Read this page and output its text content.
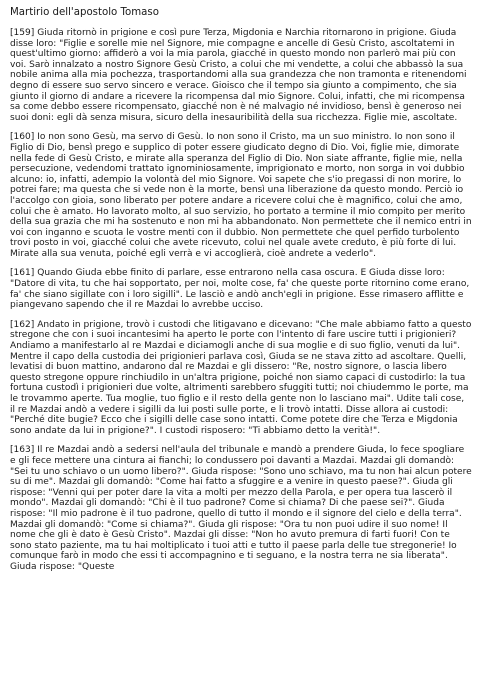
Martirio dell'apostolo Tomaso

[159] Giuda ritornò in prigione e così pure Terza, Migdonia e Narchia ritornarono in prigione. Giuda disse loro: "Figlie e sorelle mie nel Signore, mie compagne e ancelle di Gesù Cristo, ascoltatemi in quest'ultimo giorno: affiderò a voi la mia parola, giacché in questo mondo non parlerò mai più con voi. Sarò innalzato a nostro Signore Gesù Cristo, a colui che mi vendette, a colui che abbassò la sua nobile anima alla mia pochezza, trasportandomi alla sua grandezza che non tramonta e ritenendomi degno di essere suo servo sincero e verace. Gioisco che il tempo sia giunto a compimento, che sia giunto il giorno di andare a ricevere la ricompensa dal mio Signore. Colui, infatti, che mi ricompensa sa come debbo essere ricompensato, giacché non è né malvagio né invidioso, bensì è generoso nei suoi doni: egli dà senza misura, sicuro della inesauribilità della sua ricchezza. Figlie mie, ascoltate.

[160] Io non sono Gesù, ma servo di Gesù. Io non sono il Cristo, ma un suo ministro. Io non sono il Figlio di Dio, bensì prego e supplico di poter essere giudicato degno di Dio. Voi, figlie mie, dimorate nella fede di Gesù Cristo, e mirate alla speranza del Figlio di Dio. Non siate affrante, figlie mie, nella persecuzione, vedendomi trattato ignominiosamente, imprigionato e morto, non sorga in voi dubbio alcuno: io, infatti, adempio la volontà del mio Signore. Voi sapete che s'io pregassi di non morire, lo potrei fare; ma questa che si vede non è la morte, bensì una liberazione da questo mondo. Perciò io l'accolgo con gioia, sono liberato per potere andare a ricevere colui che è magnifico, colui che amo, colui che è amato. Ho lavorato molto, al suo servizio, ho portato a termine il mio compito per merito della sua grazia che mi ha sostenuto e non mi ha abbandonato. Non permettete che il nemico entri in voi con inganno e scuota le vostre menti con il dubbio. Non permettete che quel perfido turbolento trovi posto in voi, giacché colui che avete ricevuto, colui nel quale avete creduto, è più forte di lui. Mirate alla sua venuta, poiché egli verrà e vi accoglierà, cioè andrete a vederlo".

[161] Quando Giuda ebbe finito di parlare, esse entrarono nella casa oscura. E Giuda disse loro: "Datore di vita, tu che hai sopportato, per noi, molte cose, fa' che queste porte ritornino come erano, fa' che siano sigillate con i loro sigilli". Le lasciò e andò anch'egli in prigione. Esse rimasero afflitte e piangevano sapendo che il re Mazdai lo avrebbe ucciso.

[162] Andato in prigione, trovò i custodi che litigavano e dicevano: "Che male abbiamo fatto a questo stregone che con i suoi incantesimi ha aperto le porte con l'intento di fare uscire tutti i prigionieri? Andiamo a manifestarlo al re Mazdai e diciamogli anche di sua moglie e di suo figlio, venuti da lui". Mentre il capo della custodia dei prigionieri parlava così, Giuda se ne stava zitto ad ascoltare. Quelli, levatisi di buon mattino, andarono dal re Mazdai e gli dissero: "Re, nostro signore, o lascia libero questo stregone oppure rinchiudilo in un'altra prigione, poiché non siamo capaci di custodirlo: la tua fortuna custodì i prigionieri due volte, altrimenti sarebbero sfuggiti tutti; noi chiudemmo le porte, ma le trovammo aperte. Tua moglie, tuo figlio e il resto della gente non lo lasciano mai". Udite tali cose, il re Mazdai andò a vedere i sigilli da lui posti sulle porte, e li trovò intatti. Disse allora ai custodi: "Perché dite bugie? Ecco che i sigilli delle case sono intatti. Come potete dire che Terza e Migdonia sono andate da lui in prigione?". I custodi risposero: "Ti abbiamo detto la verità!".

[163] Il re Mazdai andò a sedersi nell'aula del tribunale e mandò a prendere Giuda, lo fece spogliare e gli fece mettere una cintura ai fianchi; lo condussero poi davanti a Mazdai. Mazdai gli domandò: "Sei tu uno schiavo o un uomo libero?". Giuda rispose: "Sono uno schiavo, ma tu non hai alcun potere su di me". Mazdai gli domandò: "Come hai fatto a sfuggire e a venire in questo paese?". Giuda gli rispose: "Venni qui per poter dare la vita a molti per mezzo della Parola, e per opera tua lascerò il mondo". Mazdai gli domandò: "Chi è il tuo padrone? Come si chiama? Di che paese sei?". Giuda rispose: "Il mio padrone è il tuo padrone, quello di tutto il mondo e il signore del cielo e della terra". Mazdai gli domandò: "Come si chiama?". Giuda gli rispose: "Ora tu non puoi udire il suo nome! Il nome che gli è dato è Gesù Cristo". Mazdai gli disse: "Non ho avuto premura di farti fuori! Con te sono stato paziente, ma tu hai moltiplicato i tuoi atti e tutto il paese parla delle tue stregonerie! Io comunque farò in modo che essi ti accompagnino e ti seguano, e la nostra terra ne sia liberata". Giuda rispose: "Queste
